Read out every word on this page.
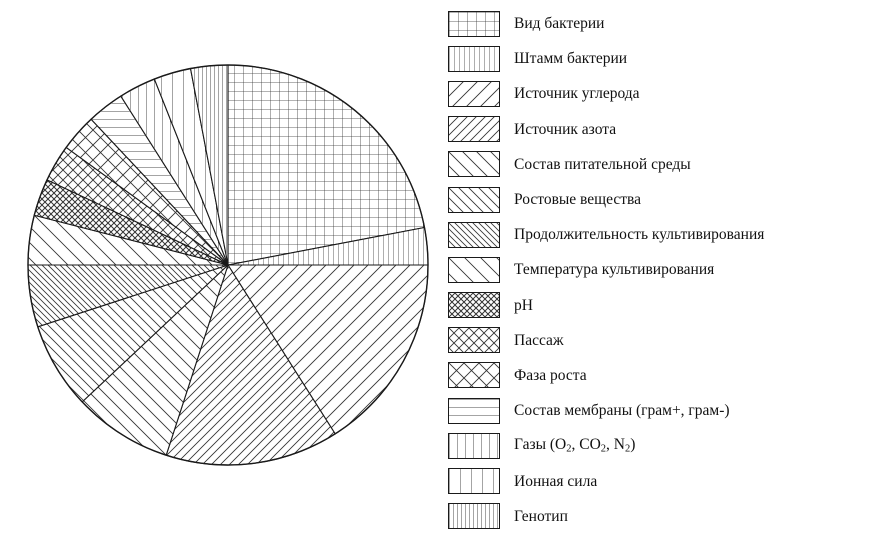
Вид бактерии
Штамм бактерии
Источник углерода
Источник азота
Состав питательной среды
Ростовые вещества
Продолжительность культивирования
Температура культивирования
pH
Пассаж
Фаза роста
Состав мембраны (грам+, грам-)
Газы ($O_2$, $CO_2$, $N_2$)
Ионная сила
Генотип
